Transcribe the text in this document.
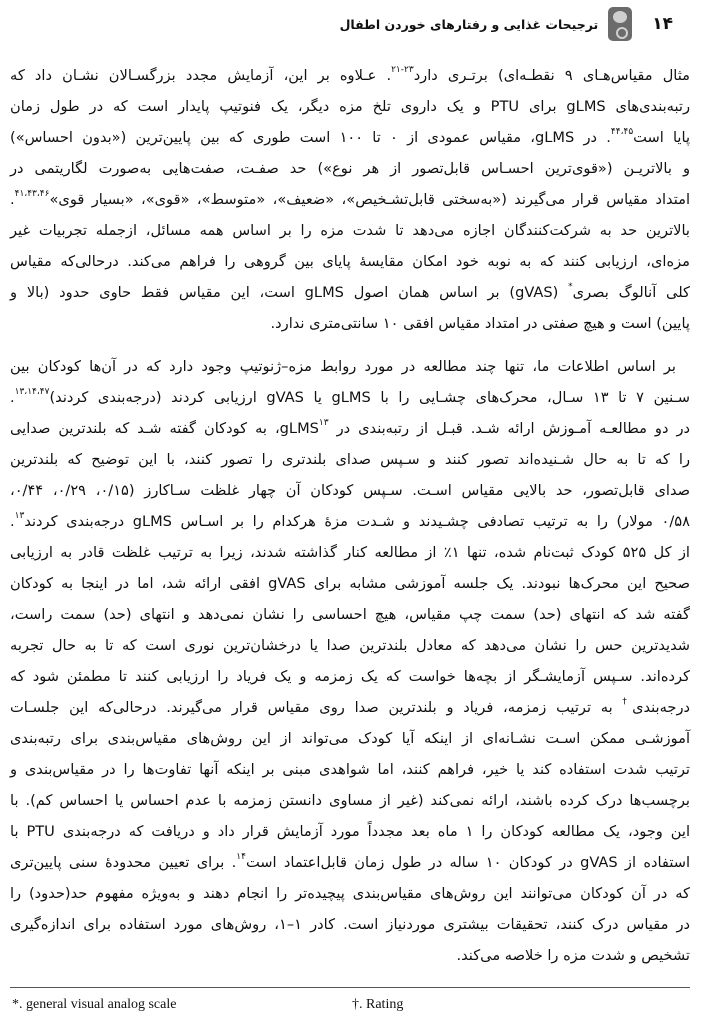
۱۴
ترجیحات غذایی و رفتارهای خوردن اطفال
مثال مقیاس‌هـای ۹ نقطـه‌ای) برتـری دارد$^{۲۳-۲۱}$. عـلاوه بر این، آزمایش مجدد بزرگسـالان نشـان داد که
رتبه‌بندی‌های gLMS برای PTU و یک داروی تلخ مزه دیگر، یک فنوتیپ پایدار است که در طول زمان
پایا است$^{۴۴،۴۵}$. در gLMS، مقیاس عمودی از ۰ تا ۱۰۰ است طوری که بین پایین‌ترین («بدون احساس»)
و بالاتریـن («قوی‌ترین احسـاس قابل‌تصور از هر نوع») حد صفـت، صفت‌هایی به‌صورت لگاریتمی در
امتداد مقیاس قرار می‌گیرند («به‌سختی قابل‌تشـخیص»، «ضعیف»، «متوسط»، «قوی»، «بسیار قوی»$^{۴۱،۴۳،۴۶}$.
بالاترین حد به شرکت‌کنندگان اجازه می‌دهد تا شدت مزه را بر اساس همه مسائل، ازجمله تجربیات غیر
مزه‌ای، ارزیابی کنند که به نوبه خود امکان مقایسهٔ پایای بین گروهی را فراهم می‌کند. درحالی‌که مقیاس
کلی آنالوگ بصری* (gVAS) بر اساس همان اصول gLMS است، این مقیاس فقط حاوی حدود (بالا و
پایین) است و هیچ صفتی در امتداد مقیاس افقی ۱۰ سانتی‌متری ندارد.
بر اساس اطلاعات ما، تنها چند مطالعه در مورد روابط مزه–ژنوتیپ وجود دارد که در آن‌ها کودکان بین
سـنین ۷ تا ۱۳ سـال، محرک‌های چشـایی را با gLMS یا gVAS ارزیابی کردند (درجه‌بندی کردند)$^{۱۳،۱۴،۴۷}$.
در دو مطالعـه آمـوزش ارائه شـد. قبـل از رتبه‌بندی در gLMS$^{۱۳}$، به کودکان گفته شـد که بلندترین صدایی
را که تا به حال شـنیده‌اند تصور کنند و سـپس صدای بلندتری را تصور کنند، با این توضیح که بلندترین
صدای قابل‌تصور، حد بالایی مقیاس اسـت. سـپس کودکان آن چهار غلظت سـاکارز (۰/۱۵، ۰/۲۹، ۰/۴۴،
۰/۵۸ مولار) را به ترتیب تصادفی چشـیدند و شـدت مزهٔ هرکدام را بر اسـاس gLMS درجه‌بندی کردند$^{۱۳}$.
از کل ۵۲۵ کودک ثبت‌نام شده، تنها ۱٪ از مطالعه کنار گذاشته شدند، زیرا به ترتیب غلظت قادر به ارزیابی
صحیح این محرک‌ها نبودند. یک جلسه آموزشی مشابه برای gVAS افقی ارائه شد، اما در اینجا به کودکان
گفته شد که انتهای (حد) سمت چپ مقیاس، هیچ احساسی را نشان نمی‌دهد و انتهای (حد) سمت راست،
شدیدترین حس را نشان می‌دهد که معادل بلندترین صدا یا درخشان‌ترین نوری است که تا به حال تجربه
کرده‌اند. سـپس آزمایشـگر از بچه‌ها خواست که یک زمزمه و یک فریاد را ارزیابی کنند تا مطمئن شود که
درجه‌بندی† به ترتیب زمزمه، فریاد و بلندترین صدا روی مقیاس قرار می‌گیرند. درحالی‌که این جلسـات
آموزشـی ممکن اسـت نشـانه‌ای از اینکه آیا کودک می‌تواند از این روش‌های مقیاس‌بندی برای رتبه‌بندی
ترتیب شدت استفاده کند یا خیر، فراهم کنند، اما شواهدی مبنی بر اینکه آنها تفاوت‌ها را در مقیاس‌بندی و
برچسب‌ها درک کرده باشند، ارائه نمی‌کند (غیر از مساوی دانستن زمزمه با عدم احساس یا احساس کم). با
این وجود، یک مطالعه کودکان را ۱ ماه بعد مجدداً مورد آزمایش قرار داد و دریافت که درجه‌بندی PTU با
استفاده از gVAS در کودکان ۱۰ ساله در طول زمان قابل‌اعتماد است$^{۱۴}$. برای تعیین محدودهٔ سنی پایین‌تری
که در آن کودکان می‌توانند این روش‌های مقیاس‌بندی پیچیده‌تر را انجام دهند و به‌ویژه مفهوم حد(حدود) را
در مقیاس درک کنند، تحقیقات بیشتری موردنیاز است. کادر ۱–۱، روش‌های مورد استفاده برای اندازه‌گیری
تشخیص و شدت مزه را خلاصه می‌کند.
*. general visual analog scale	†. Rating
